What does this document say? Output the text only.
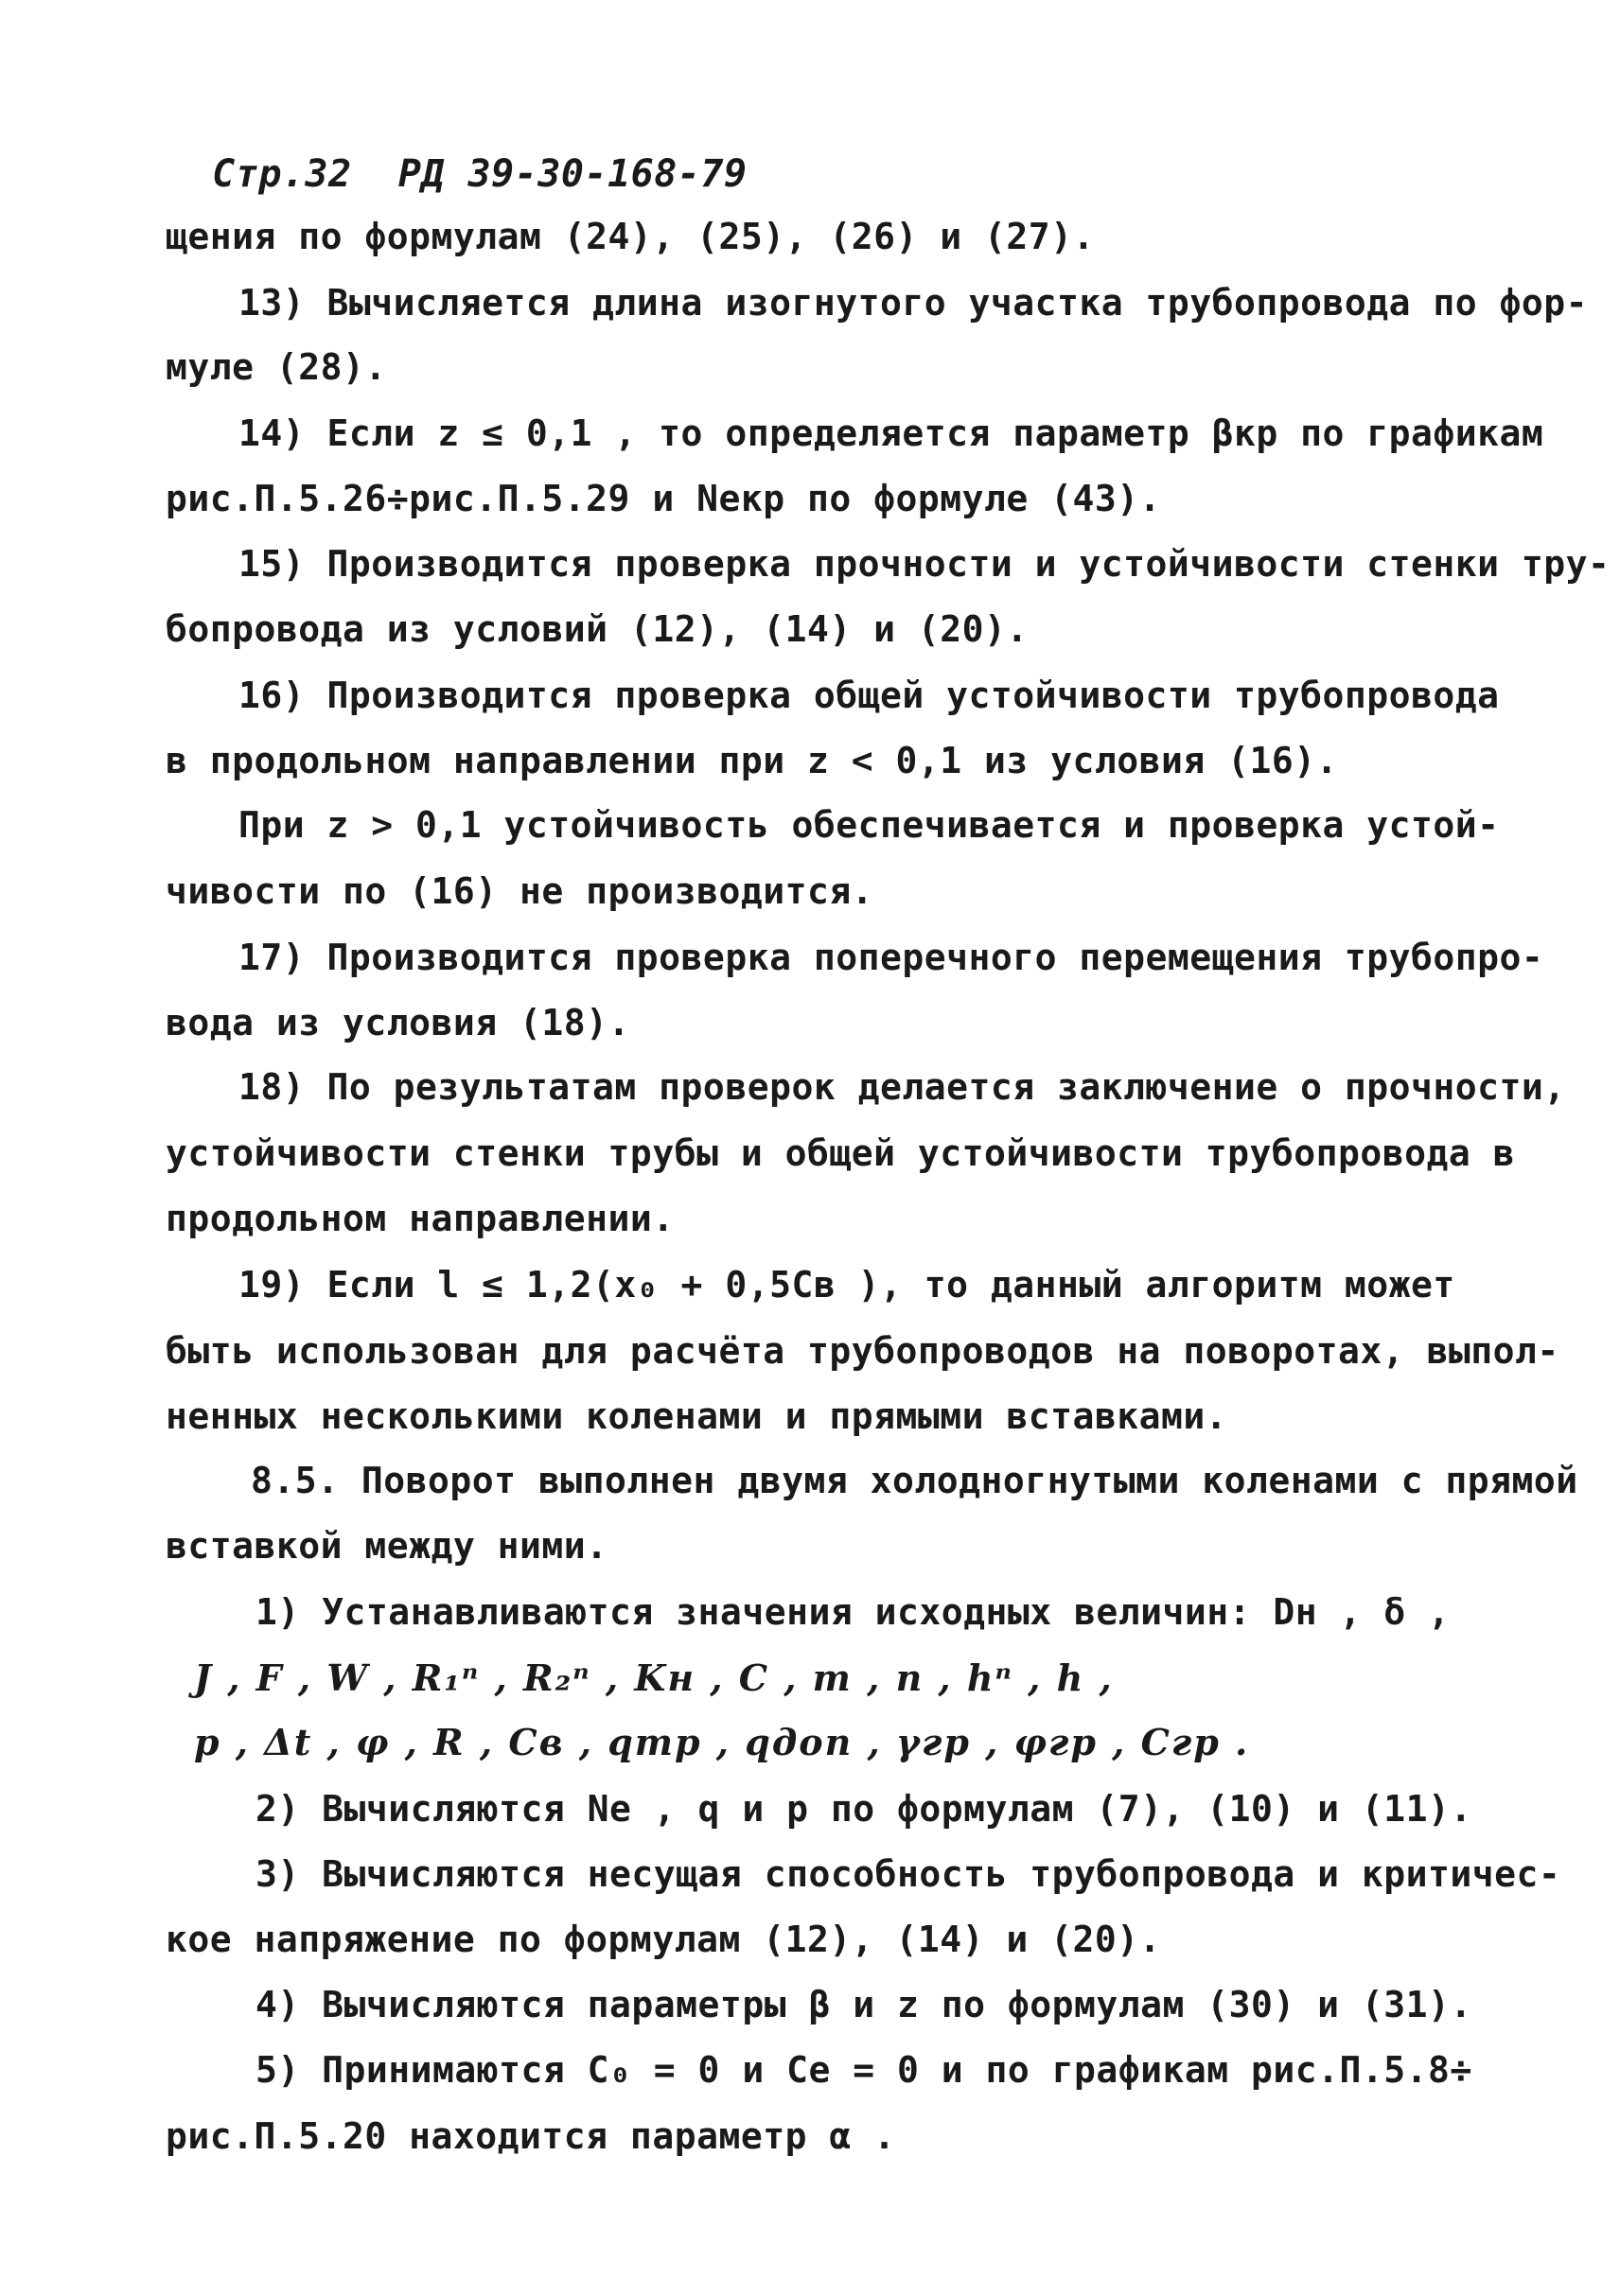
Стр.32 РД 39-30-168-79

щения по формулам (24), (25), (26) и (27).
13) Вычисляется длина изогнутого участка трубопровода по фор-
муле (28).
14) Если z ≤ 0,1 , то определяется параметр βкр по графикам
рис.П.5.26÷рис.П.5.29 и Nекр по формуле (43).
15) Производится проверка прочности и устойчивости стенки тру-
бопровода из условий (12), (14) и (20).
16) Производится проверка общей устойчивости трубопровода
в продольном направлении при z < 0,1 из условия (16).
При z > 0,1 устойчивость обеспечивается и проверка устой-
чивости по (16) не производится.
17) Производится проверка поперечного перемещения трубопро-
вода из условия (18).
18) По результатам проверок делается заключение о прочности,
устойчивости стенки трубы и общей устойчивости трубопровода в
продольном направлении.
19) Если l ≤ 1,2(x₀ + 0,5Cв ), то данный алгоритм может
быть использован для расчёта трубопроводов на поворотах, выпол-
ненных несколькими коленами и прямыми вставками.
8.5. Поворот выполнен двумя холодногнутыми коленами с прямой
вставкой между ними.
1) Устанавливаются значения исходных величин: Dн , δ ,
J , F , W , R₁ⁿ , R₂ⁿ , Kн , C , m , n , hⁿ , h ,
p , Δt , φ , R , Cв , qтр , qдоп , γгр , φгр , Cгр .
2) Вычисляются Nе , q и p по формулам (7), (10) и (11).
3) Вычисляются несущая способность трубопровода и критичес-
кое напряжение по формулам (12), (14) и (20).
4) Вычисляются параметры β и z по формулам (30) и (31).
5) Принимаются C₀ = 0 и Cе = 0 и по графикам рис.П.5.8÷
рис.П.5.20 находится параметр α .
